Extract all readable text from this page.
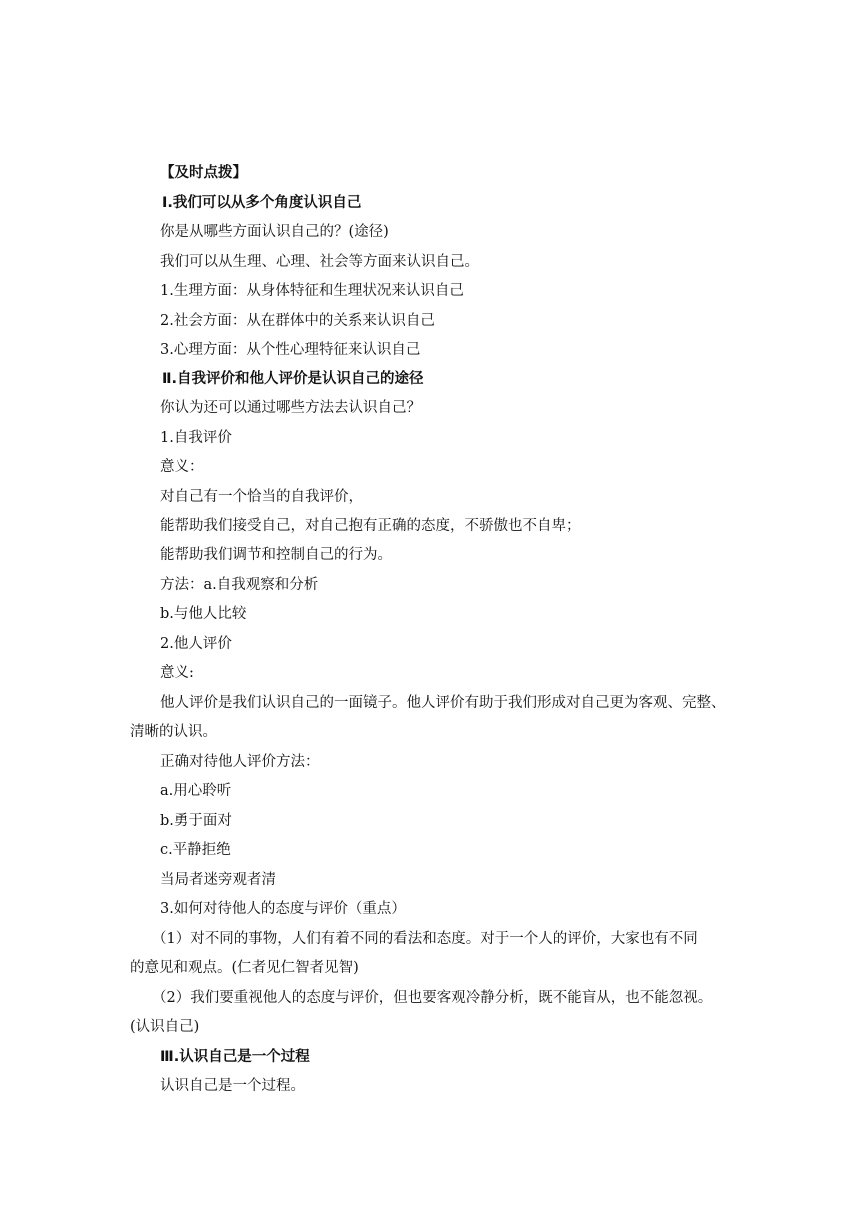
【及时点拨】
Ⅰ.我们可以从多个角度认识自己
你是从哪些方面认识自己的？(途径)
我们可以从生理、心理、社会等方面来认识自己。
1.生理方面：从身体特征和生理状况来认识自己
2.社会方面：从在群体中的关系来认识自己
3.心理方面：从个性心理特征来认识自己
Ⅱ.自我评价和他人评价是认识自己的途径
你认为还可以通过哪些方法去认识自己？
1.自我评价
意义：
对自己有一个恰当的自我评价，
能帮助我们接受自己，对自己抱有正确的态度，不骄傲也不自卑；
能帮助我们调节和控制自己的行为。
方法：a.自我观察和分析
b.与他人比较
2.他人评价
意义:
他人评价是我们认识自己的一面镜子。他人评价有助于我们形成对自己更为客观、完整、
清晰的认识。
正确对待他人评价方法：
a.用心聆听
b.勇于面对
c.平静拒绝
当局者迷旁观者清
3.如何对待他人的态度与评价（重点）
（1）对不同的事物，人们有着不同的看法和态度。对于一个人的评价，大家也有不同
的意见和观点。(仁者见仁智者见智)
（2）我们要重视他人的态度与评价，但也要客观冷静分析，既不能盲从，也不能忽视。
(认识自己)
Ⅲ.认识自己是一个过程
认识自己是一个过程。
